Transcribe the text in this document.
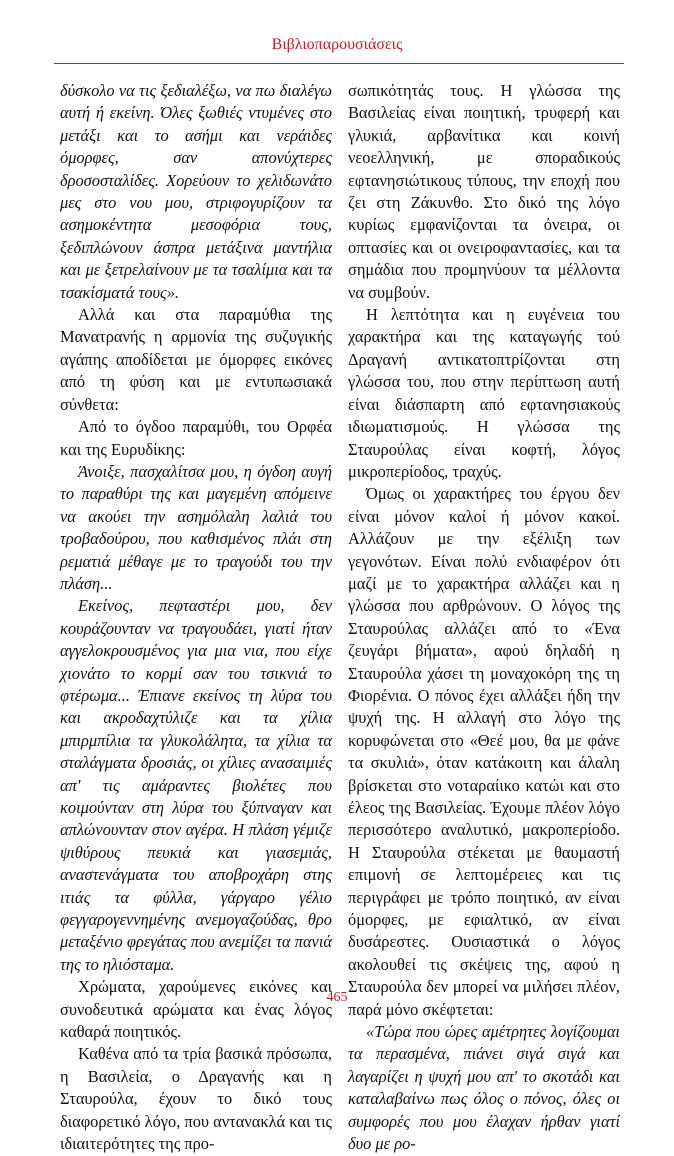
Βιβλιοπαρουσιάσεις

δύσκολο να τις ξεδιαλέξω, να πω διαλέγω αυτή ή εκείνη. Όλες ξωθιές ντυμένες στο μετάξι και το ασήμι και νεράιδες όμορφες, σαν απονύχτερες δροσοσταλίδες. Χορεύουν το χελιδωνάτο μες στο νου μου, στριφογυρίζουν τα ασημοκέντητα μεσοφόρια τους, ξεδιπλώνουν άσπρα μετάξινα μαντήλια και με ξετρελαίνουν με τα τσαλίμια και τα τσακίσματά τους».

Αλλά και στα παραμύθια της Μανατρανής η αρμονία της συζυγικής αγάπης αποδίδεται με όμορφες εικόνες από τη φύση και με εντυπωσιακά σύνθετα:

Από το όγδοο παραμύθι, του Ορφέα και της Ευρυδίκης:

Άνοιξε, πασχαλίτσα μου, η όγδοη αυγή το παραθύρι της και μαγεμένη απόμεινε να ακούει την ασημόλαλη λαλιά του τροβαδούρου, που καθισμένος πλάι στη ρεματιά μέθαγε με το τραγούδι του την πλάση...

Εκείνος, πεφταστέρι μου, δεν κουράζουνταν να τραγουδάει, γιατί ήταν αγγελοκρουσμένος για μια νια, που είχε χιονάτο το κορμί σαν του τσικνιά το φτέρωμα... Έπιανε εκείνος τη λύρα του και ακροδαχτύλιζε και τα χίλια μπιρμπίλια τα γλυκολάλητα, τα χίλια τα σταλάγματα δροσιάς, οι χίλιες ανασαιμιές απ' τις αμάραντες βιολέτες που κοιμούνταν στη λύρα του ξύπναγαν και απλώνουνταν στον αγέρα. Η πλάση γέμιζε ψιθύρους πευκιά και γιασεμιάς, αναστενάγματα του αποβροχάρη στης ιτιάς τα φύλλα, γάργαρο γέλιο φεγγαρογεννημένης ανεμογαζούδας, θρο μεταξένιο φρεγάτας που ανεμίζει τα πανιά της το ηλιόσταμα.

Χρώματα, χαρούμενες εικόνες και συνοδευτικά αρώματα και ένας λόγος καθαρά ποιητικός.

Καθένα από τα τρία βασικά πρόσωπα, η Βασιλεία, ο Δραγανής και η Σταυρούλα, έχουν το δικό τους διαφορετικό λόγο, που αντανακλά και τις ιδιαιτερότητες της προ-

σωπικότητάς τους. Η γλώσσα της Βασιλείας είναι ποιητική, τρυφερή και γλυκιά, αρβανίτικα και κοινή νεοελληνική, με σποραδικούς εφτανησιώτικους τύπους, την εποχή που ζει στη Ζάκυνθο. Στο δικό της λόγο κυρίως εμφανίζονται τα όνειρα, οι οπτασίες και οι ονειροφαντασίες, και τα σημάδια που προμηνύουν τα μέλλοντα να συμβούν.

Η λεπτότητα και η ευγένεια του χαρακτήρα και της καταγωγής τού Δραγανή αντικατοπτρίζονται στη γλώσσα του, που στην περίπτωση αυτή είναι διάσπαρτη από εφτανησιακούς ιδιωματισμούς. Η γλώσσα της Σταυρούλας είναι κοφτή, λόγος μικροπερίοδος, τραχύς.

Όμως οι χαρακτήρες του έργου δεν είναι μόνον καλοί ή μόνον κακοί. Αλλάζουν με την εξέλιξη των γεγονότων. Είναι πολύ ενδιαφέρον ότι μαζί με το χαρακτήρα αλλάζει και η γλώσσα που αρθρώνουν. Ο λόγος της Σταυρούλας αλλάζει από το «Ένα ζευγάρι βήματα», αφού δηλαδή η Σταυρούλα χάσει τη μοναχοκόρη της τη Φιορένια. Ο πόνος έχει αλλάξει ήδη την ψυχή της. Η αλλαγή στο λόγο της κορυφώνεται στο «Θεέ μου, θα με φάνε τα σκυλιά», όταν κατάκοιτη και άλαλη βρίσκεται στο νοταραίικο κατώι και στο έλεος της Βασιλείας. Έχουμε πλέον λόγο περισσότερο αναλυτικό, μακροπερίοδο. Η Σταυρούλα στέκεται με θαυμαστή επιμονή σε λεπτομέρειες και τις περιγράφει με τρόπο ποιητικό, αν είναι όμορφες, με εφιαλτικό, αν είναι δυσάρεστες. Ουσιαστικά ο λόγος ακολουθεί τις σκέψεις της, αφού η Σταυρούλα δεν μπορεί να μιλήσει πλέον, παρά μόνο σκέφτεται:

«Τώρα που ώρες αμέτρητες λογίζουμαι τα περασμένα, πιάνει σιγά σιγά και λαγαρίζει η ψυχή μου απ' το σκοτάδι και καταλαβαίνω πως όλος ο πόνος, όλες οι συμφορές που μου έλαχαν ήρθαν γιατί δυο με ρο-

465
